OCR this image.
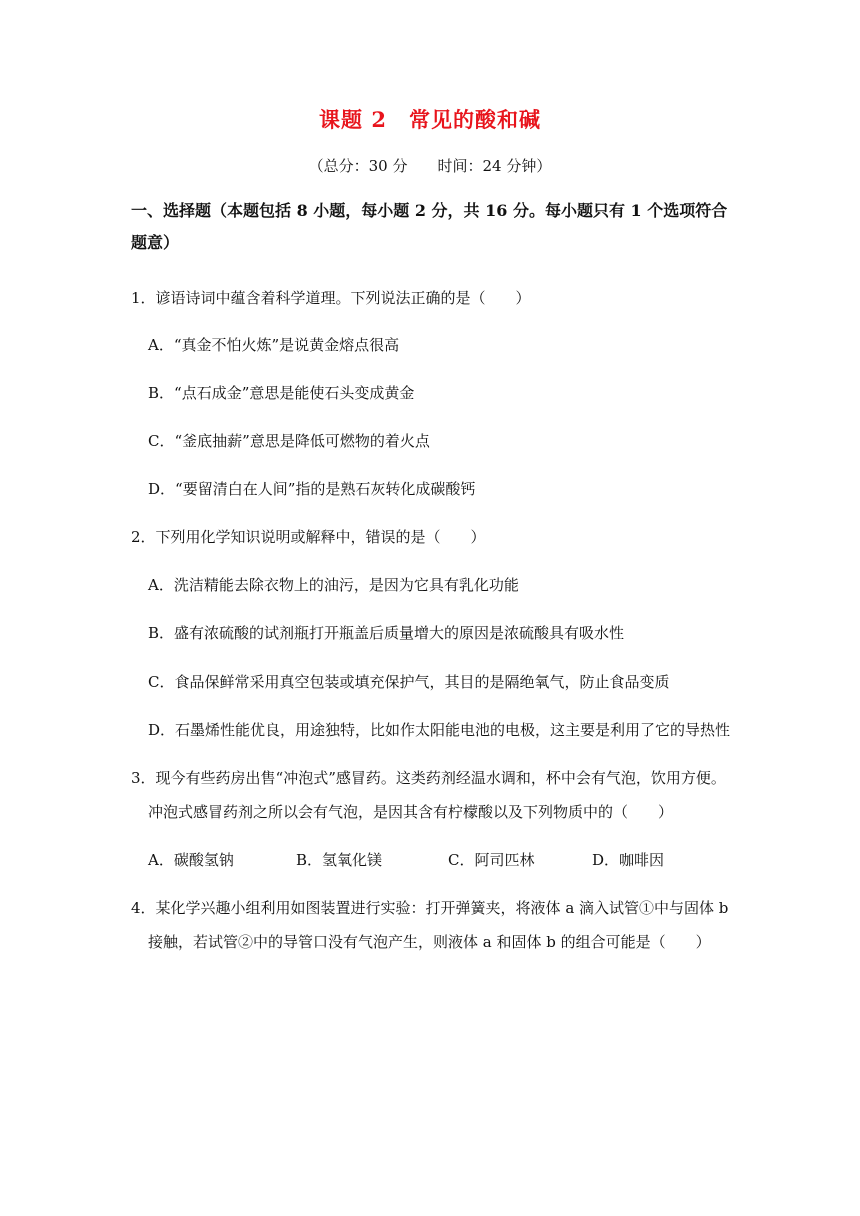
课题 2　常见的酸和碱
（总分：30 分　　时间：24 分钟）
一、选择题（本题包括 8 小题，每小题 2 分，共 16 分。每小题只有 1 个选项符合题意）
1．谚语诗词中蕴含着科学道理。下列说法正确的是（　　）
A．“真金不怕火炼”是说黄金熔点很高
B．“点石成金”意思是能使石头变成黄金
C．“釜底抽薪”意思是降低可燃物的着火点
D．“要留清白在人间”指的是熟石灰转化成碳酸钙
2．下列用化学知识说明或解释中，错误的是（　　）
A．洗洁精能去除衣物上的油污，是因为它具有乳化功能
B．盛有浓硫酸的试剂瓶打开瓶盖后质量增大的原因是浓硫酸具有吸水性
C．食品保鲜常采用真空包装或填充保护气，其目的是隔绝氧气，防止食品变质
D．石墨烯性能优良，用途独特，比如作太阳能电池的电极，这主要是利用了它的导热性
3．现今有些药房出售“冲泡式”感冒药。这类药剂经温水调和，杯中会有气泡，饮用方便。
冲泡式感冒药剂之所以会有气泡，是因其含有柠檬酸以及下列物质中的（　　）
A．碳酸氢钠	B．氢氧化镁	C．阿司匹林	D．咖啡因
4．某化学兴趣小组利用如图装置进行实验：打开弹簧夹，将液体 a 滴入试管①中与固体 b
接触，若试管②中的导管口没有气泡产生，则液体 a 和固体 b 的组合可能是（　　）
